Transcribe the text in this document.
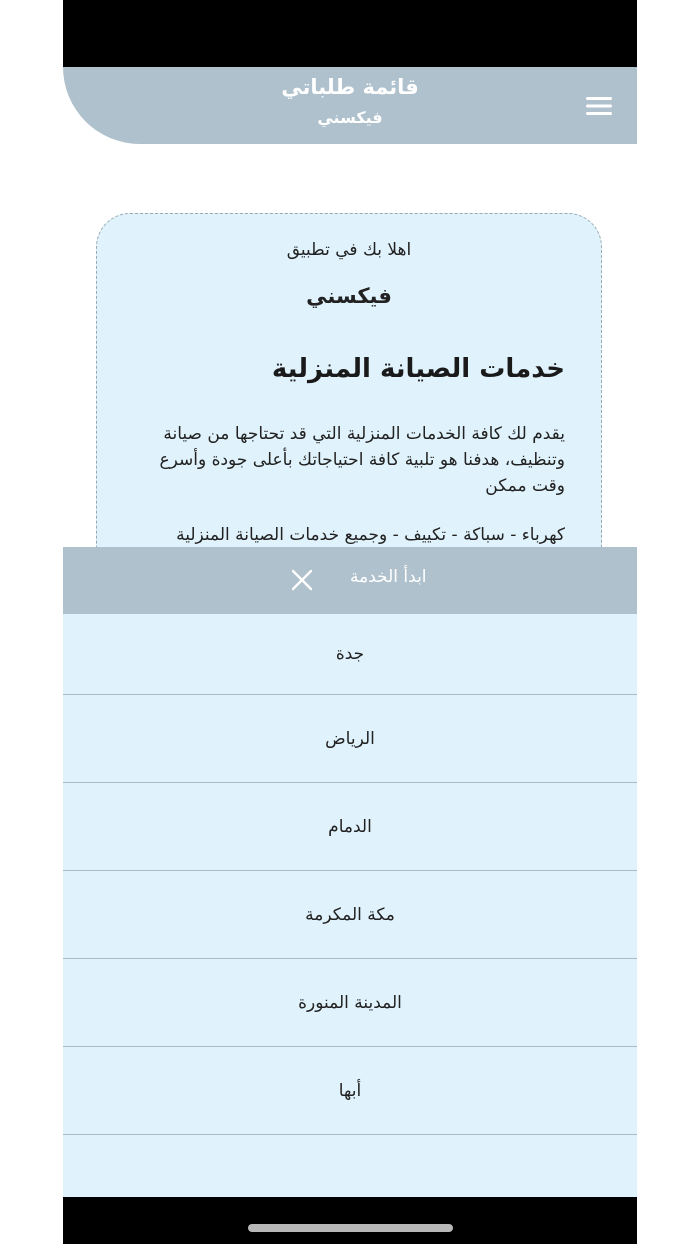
قائمة طلباتي
فيكسني
اهلا بك في تطبيق
فيكسني
خدمات الصيانة المنزلية
يقدم لك كافة الخدمات المنزلية التي قد تحتاجها من صيانة وتنظيف، هدفنا هو تلبية كافة احتياجاتك بأعلى جودة وأسرع وقت ممكن
كهرباء - سباكة - تكييف - وجميع خدمات الصيانة المنزلية
ابدأ الخدمة
جدة
الرياض
الدمام
مكة المكرمة
المدينة المنورة
أبها
